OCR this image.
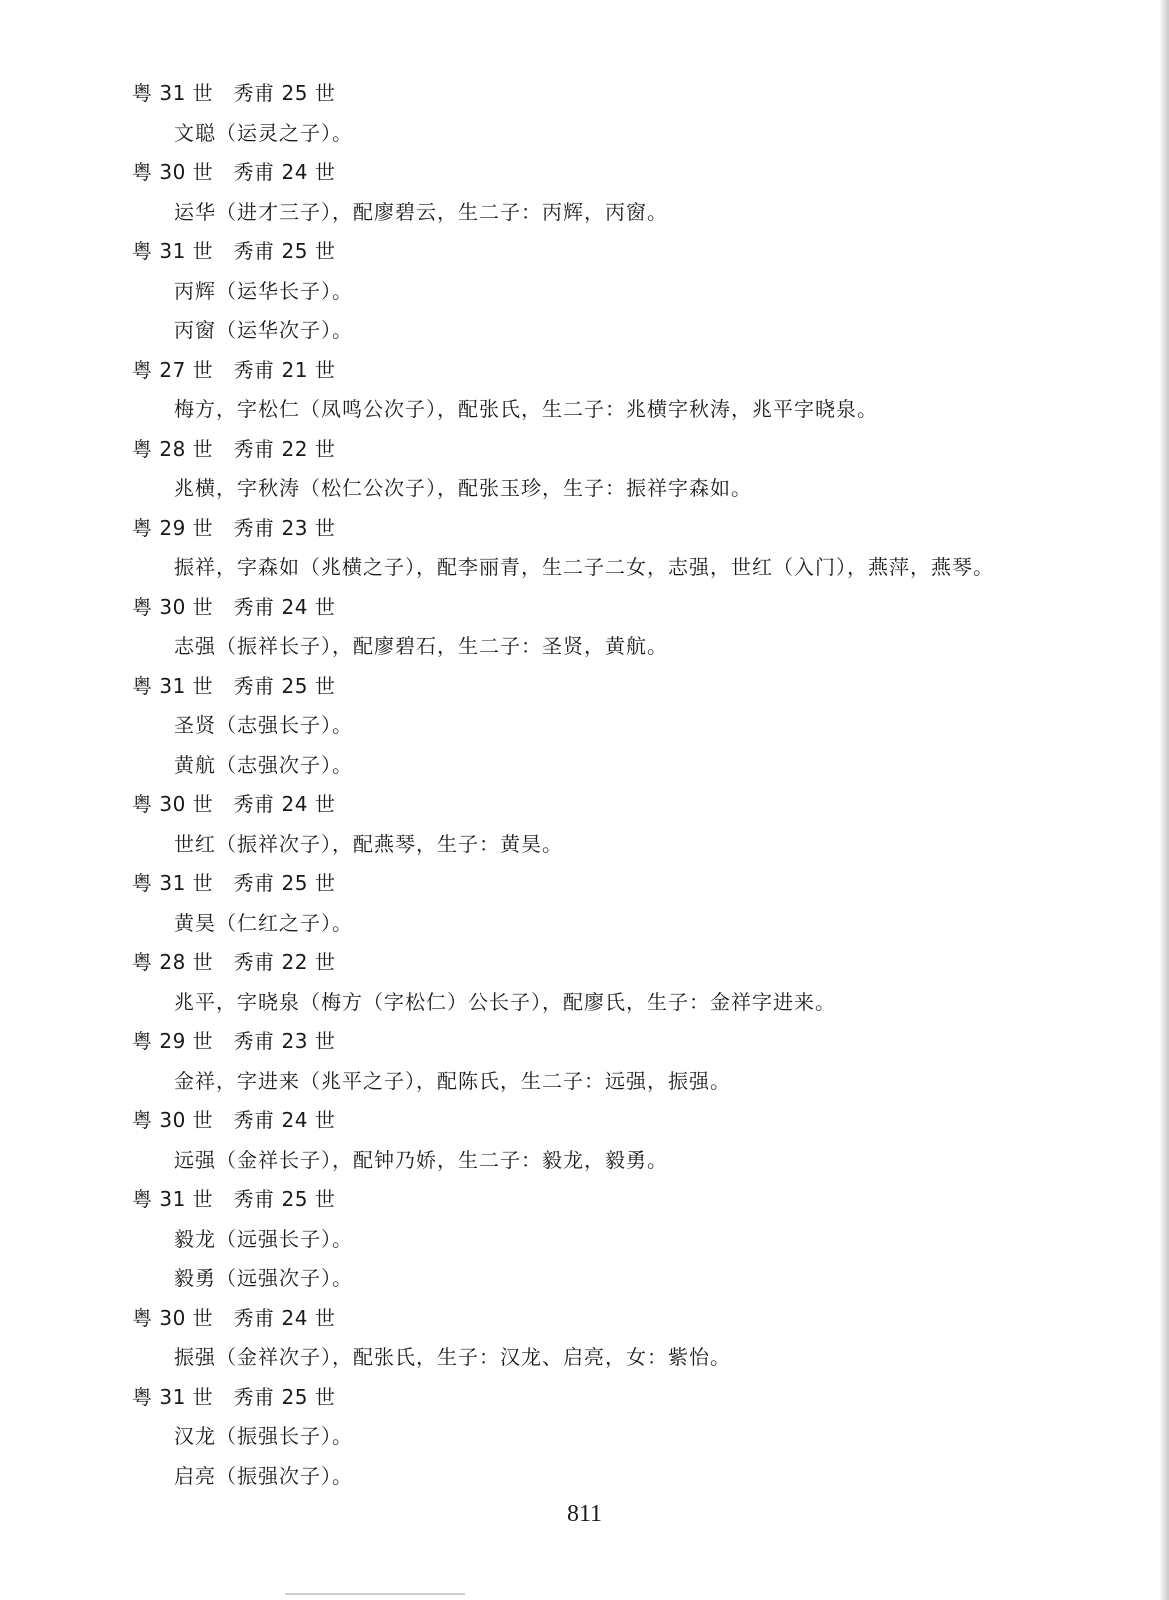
粤 31 世　秀甫 25 世
文聪（运灵之子）。
粤 30 世　秀甫 24 世
运华（进才三子），配廖碧云，生二子：丙辉，丙窗。
粤 31 世　秀甫 25 世
丙辉（运华长子）。
丙窗（运华次子）。
粤 27 世　秀甫 21 世
梅方，字松仁（凤鸣公次子），配张氏，生二子：兆横字秋涛，兆平字晓泉。
粤 28 世　秀甫 22 世
兆横，字秋涛（松仁公次子），配张玉珍，生子：振祥字森如。
粤 29 世　秀甫 23 世
振祥，字森如（兆横之子），配李丽青，生二子二女，志强，世红（入门），燕萍，燕琴。
粤 30 世　秀甫 24 世
志强（振祥长子），配廖碧石，生二子：圣贤，黄航。
粤 31 世　秀甫 25 世
圣贤（志强长子）。
黄航（志强次子）。
粤 30 世　秀甫 24 世
世红（振祥次子），配燕琴，生子：黄昊。
粤 31 世　秀甫 25 世
黄昊（仁红之子）。
粤 28 世　秀甫 22 世
兆平，字晓泉（梅方（字松仁）公长子），配廖氏，生子：金祥字进来。
粤 29 世　秀甫 23 世
金祥，字进来（兆平之子），配陈氏，生二子：远强，振强。
粤 30 世　秀甫 24 世
远强（金祥长子），配钟乃娇，生二子：毅龙，毅勇。
粤 31 世　秀甫 25 世
毅龙（远强长子）。
毅勇（远强次子）。
粤 30 世　秀甫 24 世
振强（金祥次子），配张氏，生子：汉龙、启亮，女：紫怡。
粤 31 世　秀甫 25 世
汉龙（振强长子）。
启亮（振强次子）。
811
